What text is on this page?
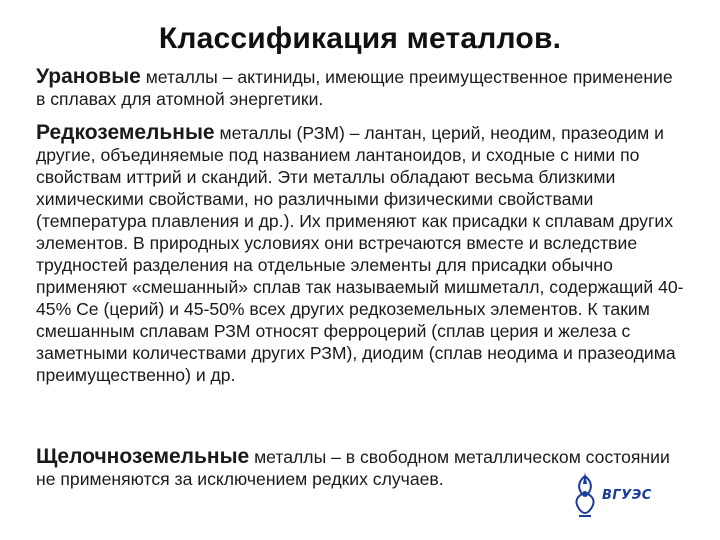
Классификация металлов.
Урановые металлы – актиниды, имеющие преимущественное применение в сплавах для атомной энергетики.
Редкоземельные металлы (РЗМ) – лантан, церий, неодим, празеодим и другие, объединяемые под названием лантаноидов, и сходные с ними по свойствам иттрий и скандий. Эти металлы обладают весьма близкими химическими свойствами, но различными физическими свойствами (температура плавления и др.). Их применяют как присадки к сплавам других элементов. В природных условиях они встречаются вместе и вследствие трудностей разделения на отдельные элементы для присадки обычно применяют «смешанный» сплав так называемый мишметалл, содержащий 40-45% Се (церий) и 45-50% всех других редкоземельных элементов. К таким смешанным сплавам РЗМ относят ферроцерий (сплав церия и железа с заметными количествами других РЗМ), диодим (сплав неодима и празеодима преимущественно) и др.
Щелочноземельные металлы – в свободном металлическом состоянии не применяются за исключением редких случаев.
ВГУЭС
